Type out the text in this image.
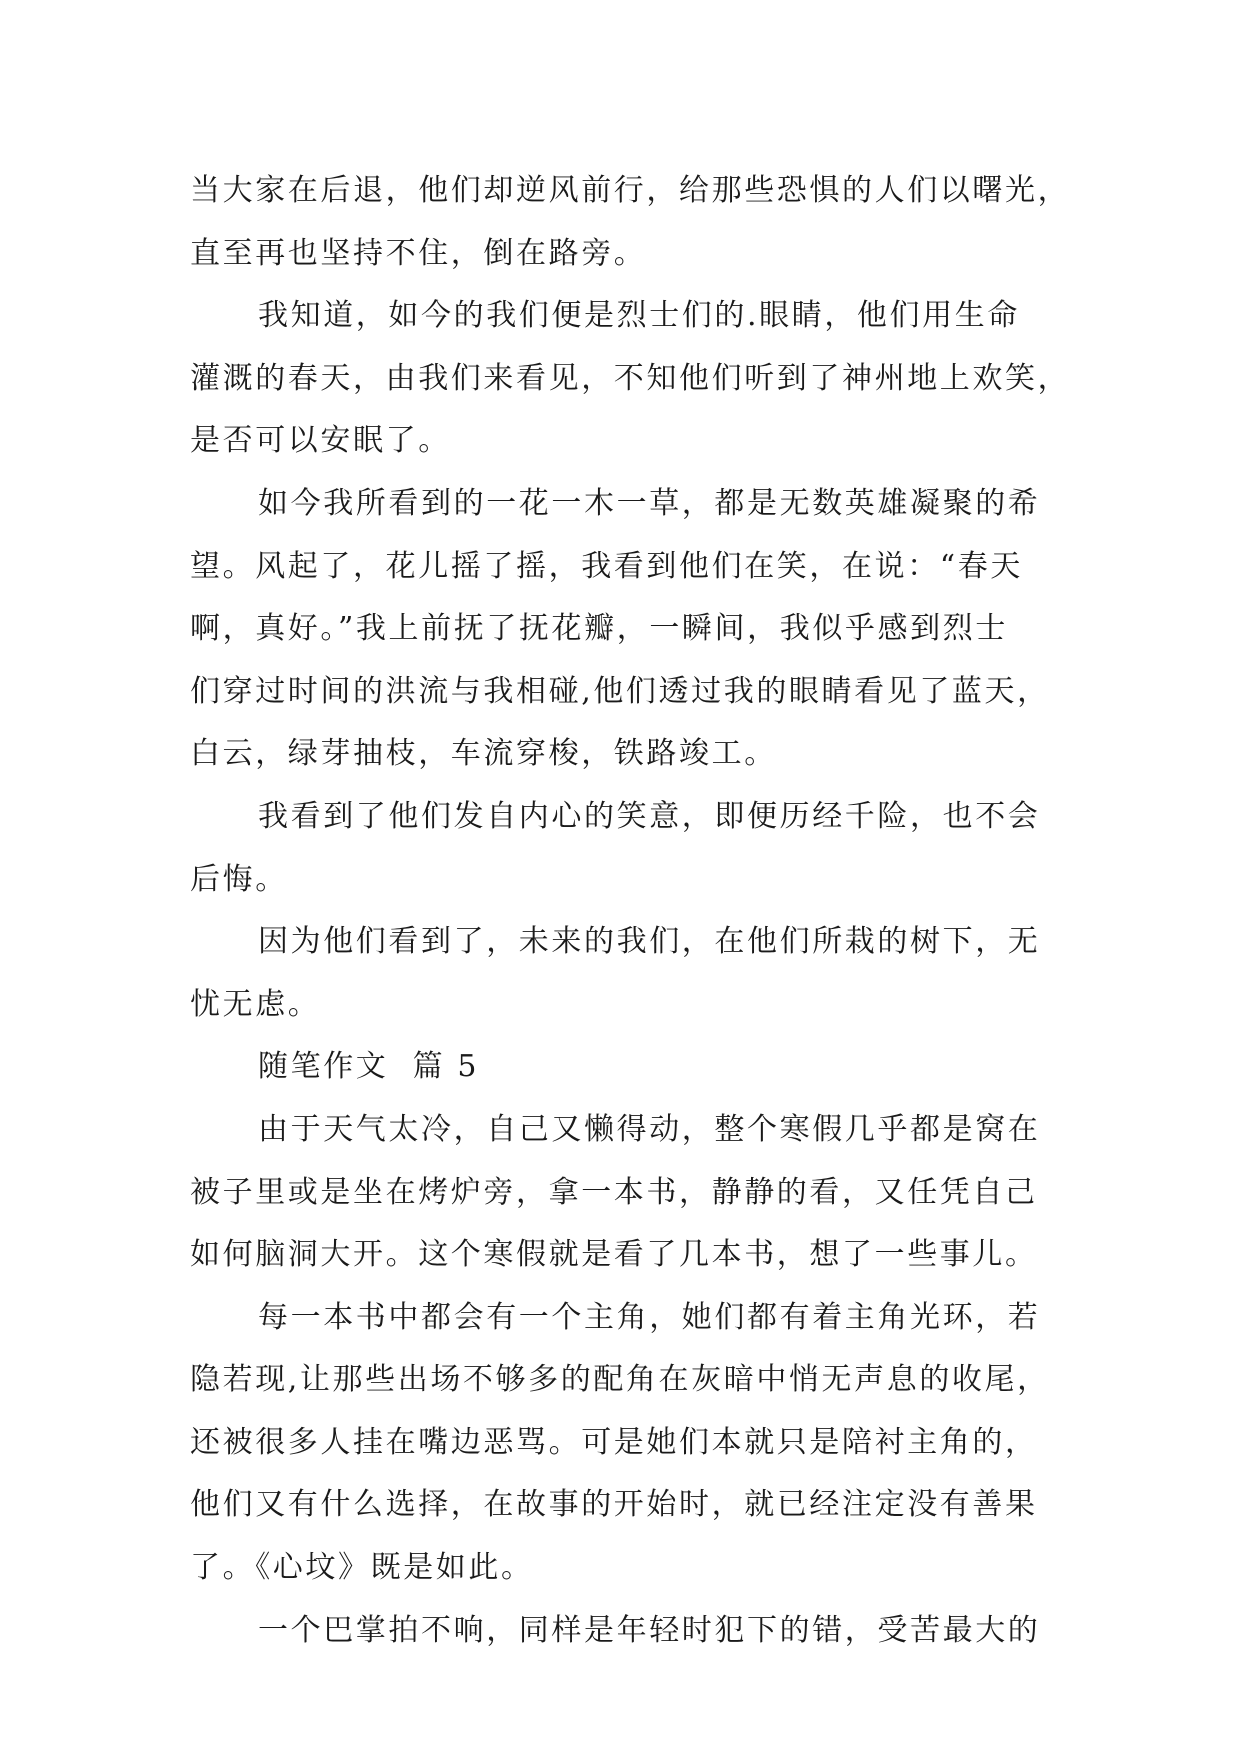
当大家在后退，他们却逆风前行，给那些恐惧的人们以曙光，
直至再也坚持不住，倒在路旁。
我知道，如今的我们便是烈士们的.眼睛，他们用生命
灌溉的春天，由我们来看见，不知他们听到了神州地上欢笑，
是否可以安眠了。
如今我所看到的一花一木一草，都是无数英雄凝聚的希
望。风起了，花儿摇了摇，我看到他们在笑，在说：“春天
啊，真好。”我上前抚了抚花瓣，一瞬间，我似乎感到烈士
们穿过时间的洪流与我相碰,他们透过我的眼睛看见了蓝天，
白云，绿芽抽枝，车流穿梭，铁路竣工。
我看到了他们发自内心的笑意，即便历经千险，也不会
后悔。
因为他们看到了，未来的我们，在他们所栽的树下，无
忧无虑。
随笔作文  篇 5
由于天气太冷，自己又懒得动，整个寒假几乎都是窝在
被子里或是坐在烤炉旁，拿一本书，静静的看，又任凭自己
如何脑洞大开。这个寒假就是看了几本书，想了一些事儿。
每一本书中都会有一个主角，她们都有着主角光环，若
隐若现,让那些出场不够多的配角在灰暗中悄无声息的收尾，
还被很多人挂在嘴边恶骂。可是她们本就只是陪衬主角的，
他们又有什么选择，在故事的开始时，就已经注定没有善果
了。《心坟》既是如此。
一个巴掌拍不响，同样是年轻时犯下的错，受苦最大的
